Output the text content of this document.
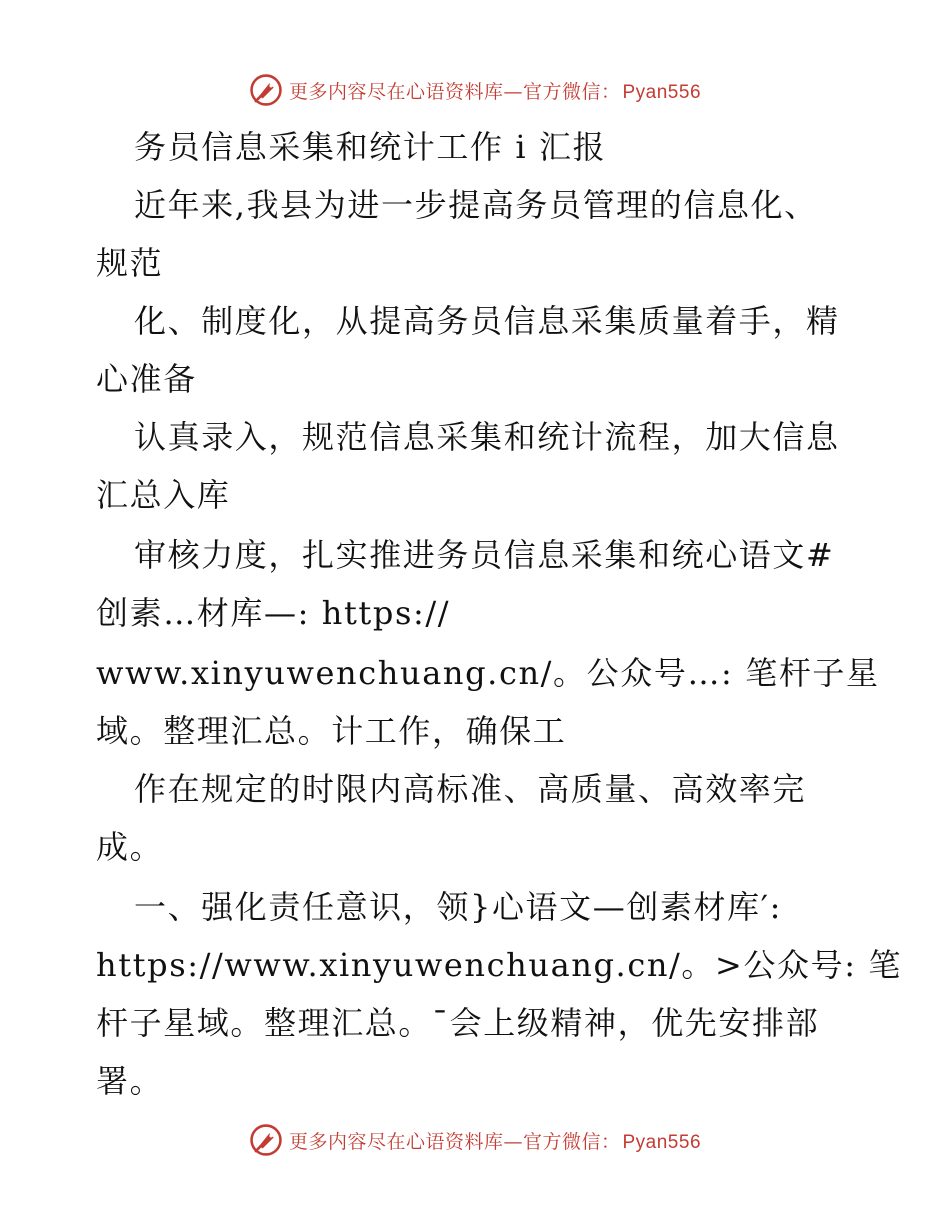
更多内容尽在心语资料库—官方微信： Pyan556
务员信息采集和统计工作 i 汇报
近年来,我县为进一步提高务员管理的信息化、
规范
化、制度化，从提高务员信息采集质量着手，精
心准备
认真录入，规范信息采集和统计流程，加大信息
汇总入库
审核力度，扎实推进务员信息采集和统心语文#
创素…材库—: https://
www.xinyuwenchuang.cn/。公众号…: 笔杆子星
域。整理汇总。计工作，确保工
作在规定的时限内高标准、高质量、高效率完
成。
一、强化责任意识，领}心语文—创素材库′:
https://www.xinyuwenchuang.cn/。>公众号: 笔
杆子星域。整理汇总。¯会上级精神，优先安排部
署。
更多内容尽在心语资料库—官方微信： Pyan556
